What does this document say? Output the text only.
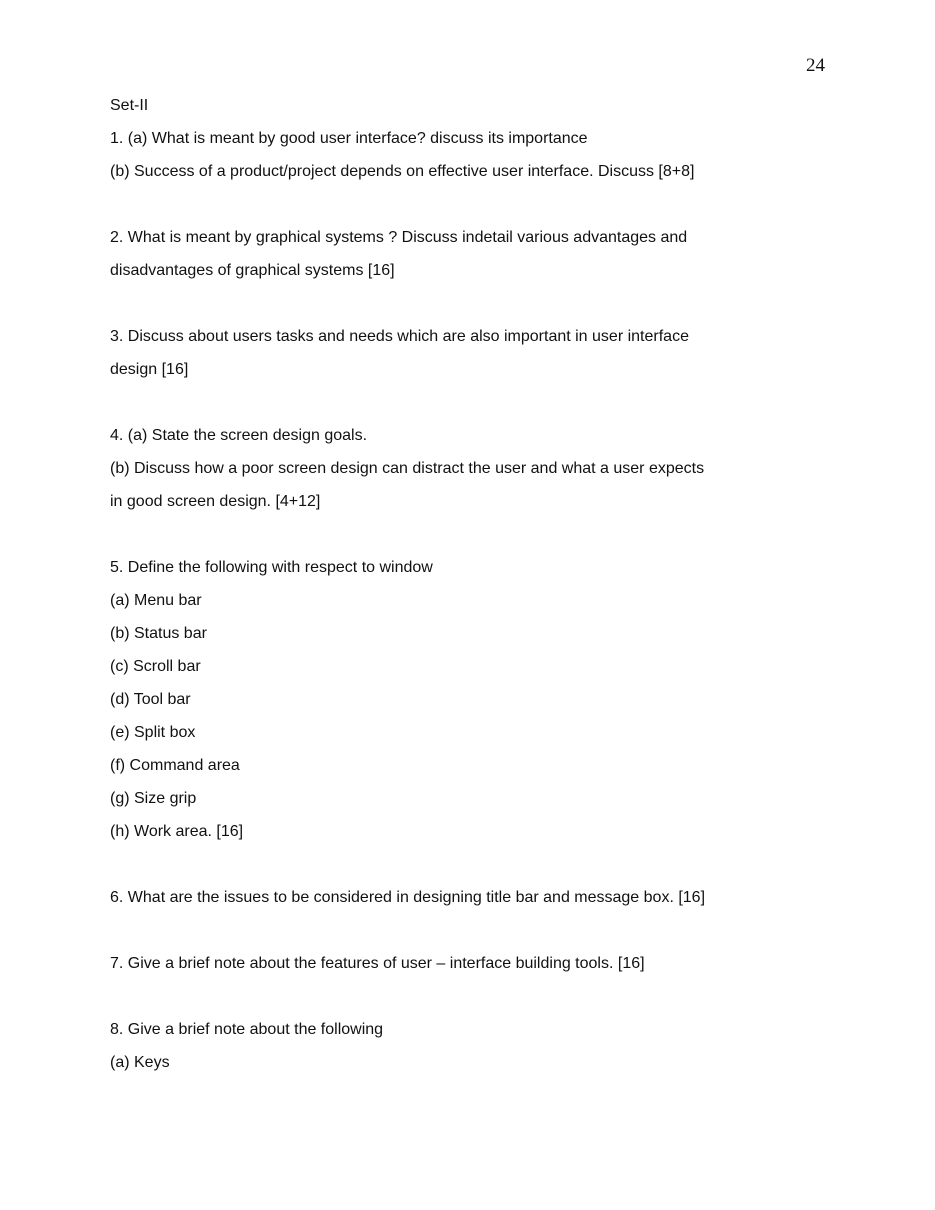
24
Set-II
1. (a) What is meant by good user interface? discuss its importance
(b) Success of a product/project depends on effective user interface. Discuss [8+8]
2. What is meant by graphical systems ? Discuss indetail various advantages and
disadvantages of graphical systems [16]
3. Discuss about users tasks and needs which are also important in user interface
design [16]
4. (a) State the screen design goals.
(b) Discuss how a poor screen design can distract the user and what a user expects
in good screen design. [4+12]
5. Define the following with respect to window
(a) Menu bar
(b) Status bar
(c) Scroll bar
(d) Tool bar
(e) Split box
(f) Command area
(g) Size grip
(h) Work area. [16]
6. What are the issues to be considered in designing title bar and message box. [16]
7. Give a brief note about the features of user – interface building tools. [16]
8. Give a brief note about the following
(a) Keys
